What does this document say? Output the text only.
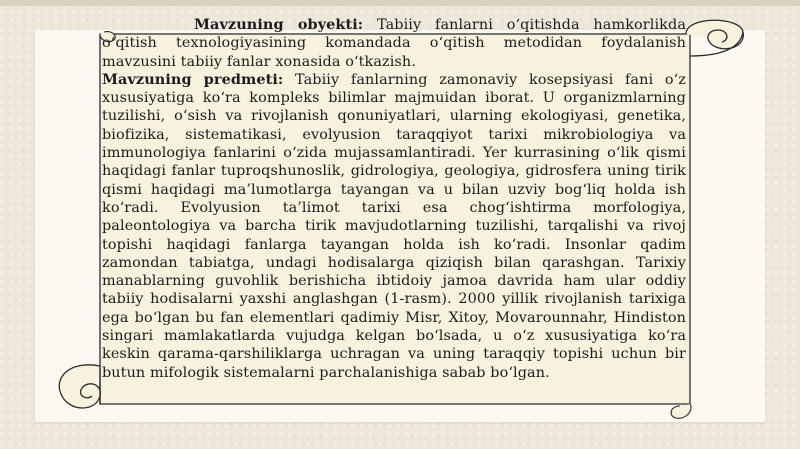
Mavzuning obyekti: Tabiiy fanlarni o‘qitishda hamkorlikda o‘qitish texnologiyasining komandada o‘qitish metodidan foydalanish mavzusini tabiiy fanlar xonasida o‘tkazish.

Mavzuning predmeti: Tabiiy fanlarning zamonaviy kosepsiyasi fani o‘z xususiyatiga ko‘ra kompleks bilimlar majmuidan iborat. U organizmlarning tuzilishi, o‘sish va rivojlanish qonuniyatlari, ularning ekologiyasi, genetika, biofizika, sistematikasi, evolyusion taraqqiyot tarixi mikrobiologiya va immunologiya fanlarini o‘zida mujassamlantiradi. Yer kurrasining o‘lik qismi haqidagi fanlar tuproqshunoslik, gidrologiya, geologiya, gidrosfera uning tirik qismi haqidagi ma’lumotlarga tayangan va u bilan uzviy bog‘liq holda ish ko‘radi. Evolyusion ta’limot tarixi esa chog‘ishtirma morfologiya, paleontologiya va barcha tirik mavjudotlarning tuzilishi, tarqalishi va rivoj topishi haqidagi fanlarga tayangan holda ish ko‘radi. Insonlar qadim zamondan tabiatga, undagi hodisalarga qiziqish bilan qarashgan. Tarixiy manablarning guvohlik berishicha ibtidoiy jamoa davrida ham ular oddiy tabiiy hodisalarni yaxshi anglashgan (1-rasm). 2000 yillik rivojlanish tarixiga ega bo‘lgan bu fan elementlari qadimiy Misr, Xitoy, Movarounnahr, Hindiston singari mamlakatlarda vujudga kelgan bo‘lsada, u o‘z xususiyatiga ko‘ra keskin qarama-qarshiliklarga uchragan va uning taraqqiy topishi uchun bir butun mifologik sistemalarni parchalanishiga sabab bo‘lgan.
